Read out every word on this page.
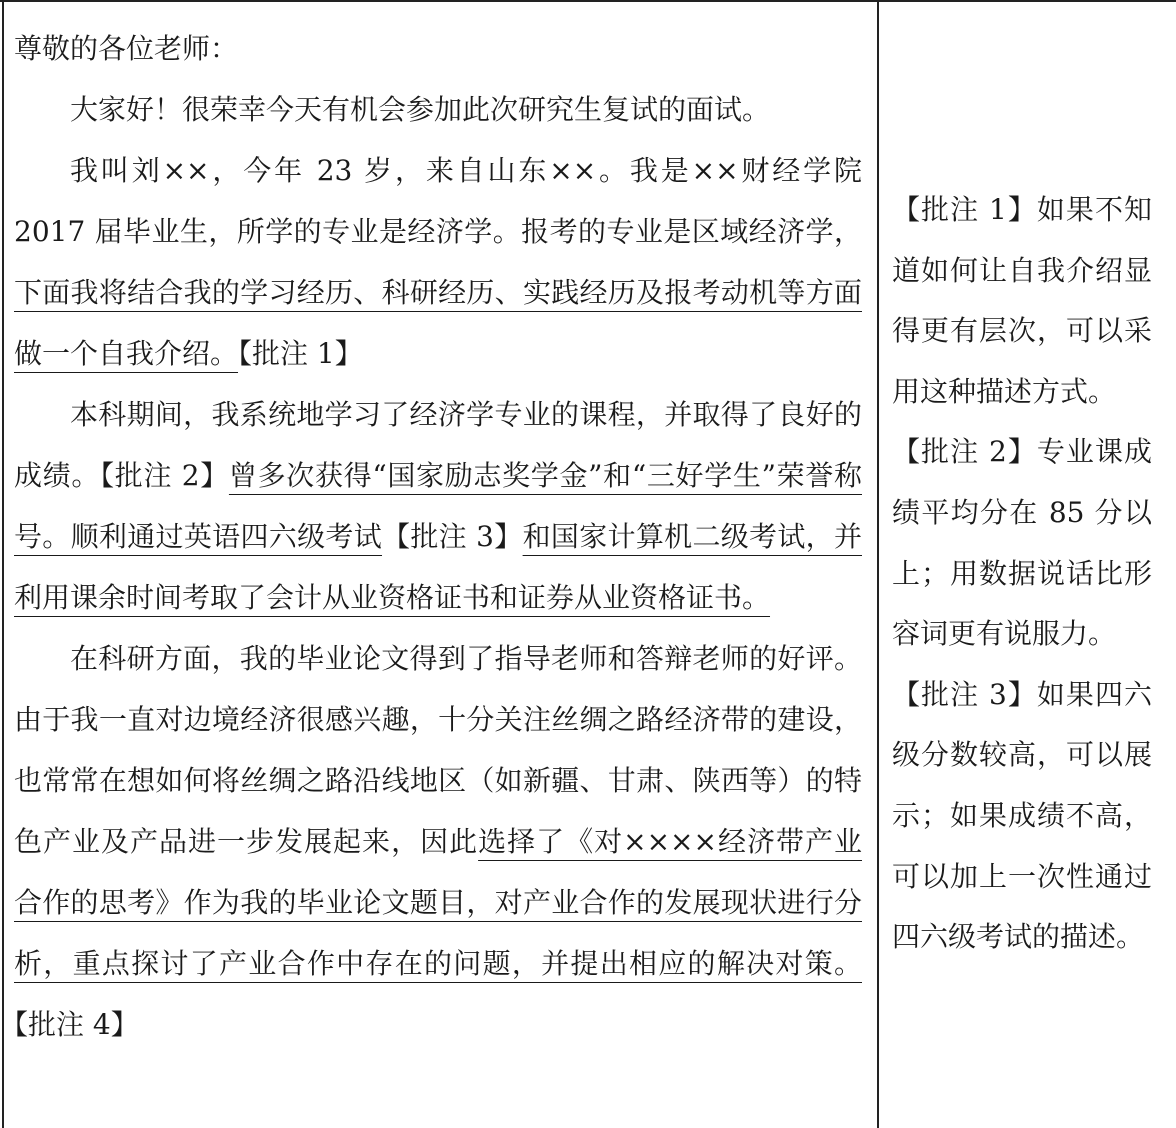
尊敬的各位老师：

大家好！很荣幸今天有机会参加此次研究生复试的面试。

我叫刘××，今年 23 岁，来自山东××。我是××财经学院 2017 届毕业生，所学的专业是经济学。报考的专业是区域经济学，下面我将结合我的学习经历、科研经历、实践经历及报考动机等方面做一个自我介绍。【批注 1】

本科期间，我系统地学习了经济学专业的课程，并取得了良好的成绩。【批注 2】曾多次获得“国家励志奖学金”和“三好学生”荣誉称号。顺利通过英语四六级考试【批注 3】和国家计算机二级考试，并利用课余时间考取了会计从业资格证书和证券从业资格证书。

在科研方面，我的毕业论文得到了指导老师和答辩老师的好评。由于我一直对边境经济很感兴趣，十分关注丝绸之路经济带的建设，也常常在想如何将丝绸之路沿线地区（如新疆、甘肃、陕西等）的特色产业及产品进一步发展起来，因此选择了《对××××经济带产业合作的思考》作为我的毕业论文题目，对产业合作的发展现状进行分析，重点探讨了产业合作中存在的问题，并提出相应的解决对策。【批注 4】

【批注 1】如果不知道如何让自我介绍显得更有层次，可以采用这种描述方式。

【批注 2】专业课成绩平均分在 85 分以上；用数据说话比形容词更有说服力。

【批注 3】如果四六级分数较高，可以展示；如果成绩不高，可以加上一次性通过四六级考试的描述。
